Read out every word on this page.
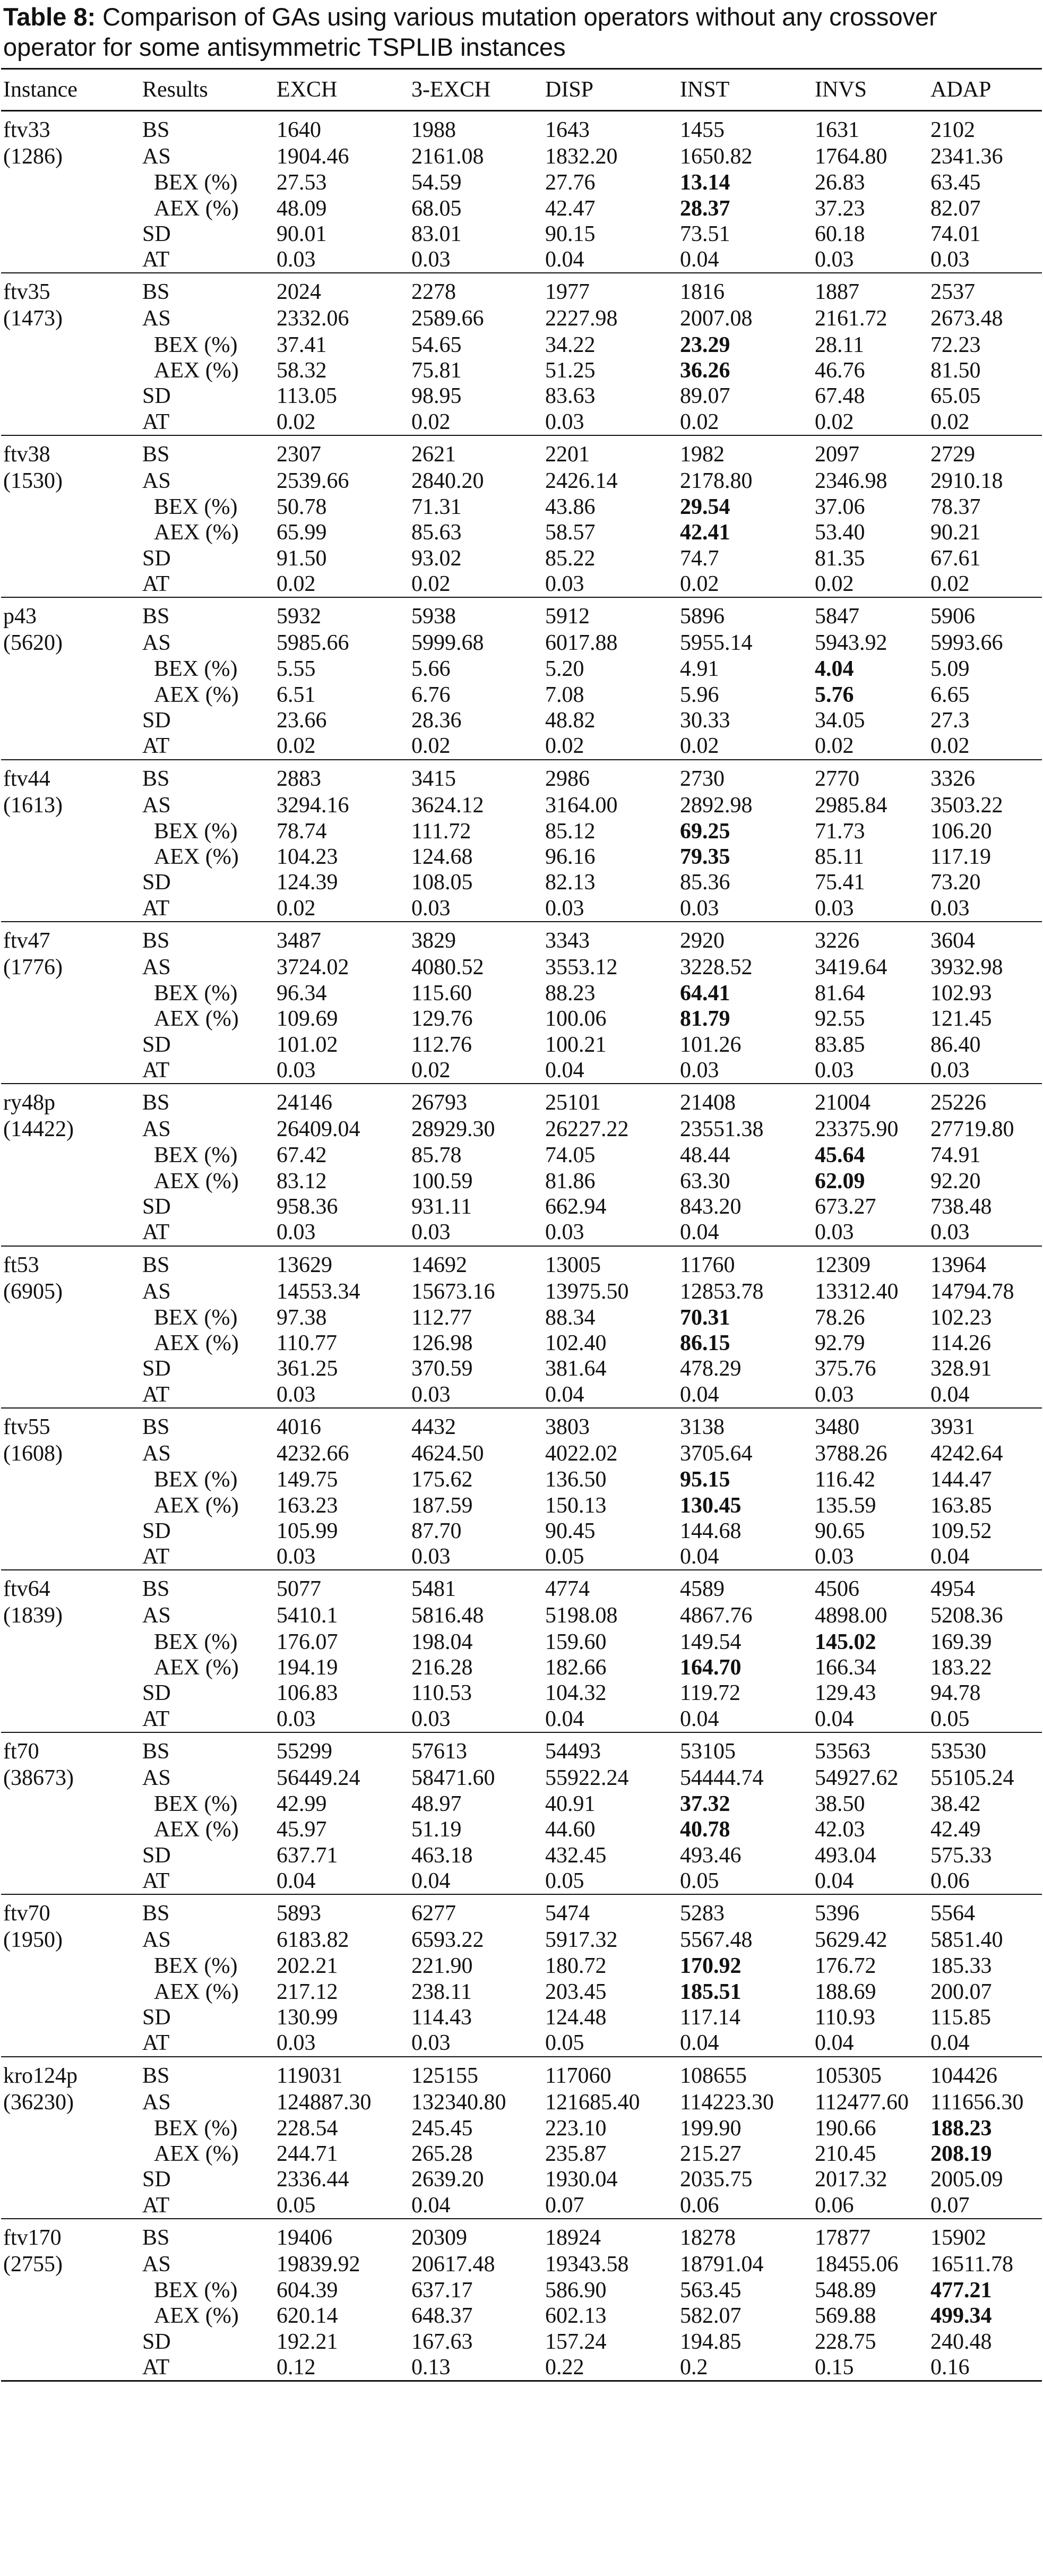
Table 8: Comparison of GAs using various mutation operators without any crossover operator for some antisymmetric TSPLIB instances
Instance	Results	EXCH	3-EXCH	DISP	INST	INVS	ADAP

ftv33
(1286)	BS	1640	1988	1643	1455	1631	2102
	AS	1904.46	2161.08	1832.20	1650.82	1764.80	2341.36
	BEX (%)	27.53	54.59	27.76	13.14	26.83	63.45
	AEX (%)	48.09	68.05	42.47	28.37	37.23	82.07
	SD	90.01	83.01	90.15	73.51	60.18	74.01
	AT	0.03	0.03	0.04	0.04	0.03	0.03

ftv35
(1473)	BS	2024	2278	1977	1816	1887	2537
	AS	2332.06	2589.66	2227.98	2007.08	2161.72	2673.48
	BEX (%)	37.41	54.65	34.22	23.29	28.11	72.23
	AEX (%)	58.32	75.81	51.25	36.26	46.76	81.50
	SD	113.05	98.95	83.63	89.07	67.48	65.05
	AT	0.02	0.02	0.03	0.02	0.02	0.02

ftv38
(1530)	BS	2307	2621	2201	1982	2097	2729
	AS	2539.66	2840.20	2426.14	2178.80	2346.98	2910.18
	BEX (%)	50.78	71.31	43.86	29.54	37.06	78.37
	AEX (%)	65.99	85.63	58.57	42.41	53.40	90.21
	SD	91.50	93.02	85.22	74.7	81.35	67.61
	AT	0.02	0.02	0.03	0.02	0.02	0.02

p43
(5620)	BS	5932	5938	5912	5896	5847	5906
	AS	5985.66	5999.68	6017.88	5955.14	5943.92	5993.66
	BEX (%)	5.55	5.66	5.20	4.91	4.04	5.09
	AEX (%)	6.51	6.76	7.08	5.96	5.76	6.65
	SD	23.66	28.36	48.82	30.33	34.05	27.3
	AT	0.02	0.02	0.02	0.02	0.02	0.02

ftv44
(1613)	BS	2883	3415	2986	2730	2770	3326
	AS	3294.16	3624.12	3164.00	2892.98	2985.84	3503.22
	BEX (%)	78.74	111.72	85.12	69.25	71.73	106.20
	AEX (%)	104.23	124.68	96.16	79.35	85.11	117.19
	SD	124.39	108.05	82.13	85.36	75.41	73.20
	AT	0.02	0.03	0.03	0.03	0.03	0.03

ftv47
(1776)	BS	3487	3829	3343	2920	3226	3604
	AS	3724.02	4080.52	3553.12	3228.52	3419.64	3932.98
	BEX (%)	96.34	115.60	88.23	64.41	81.64	102.93
	AEX (%)	109.69	129.76	100.06	81.79	92.55	121.45
	SD	101.02	112.76	100.21	101.26	83.85	86.40
	AT	0.03	0.02	0.04	0.03	0.03	0.03

ry48p
(14422)	BS	24146	26793	25101	21408	21004	25226
	AS	26409.04	28929.30	26227.22	23551.38	23375.90	27719.80
	BEX (%)	67.42	85.78	74.05	48.44	45.64	74.91
	AEX (%)	83.12	100.59	81.86	63.30	62.09	92.20
	SD	958.36	931.11	662.94	843.20	673.27	738.48
	AT	0.03	0.03	0.03	0.04	0.03	0.03

ft53
(6905)	BS	13629	14692	13005	11760	12309	13964
	AS	14553.34	15673.16	13975.50	12853.78	13312.40	14794.78
	BEX (%)	97.38	112.77	88.34	70.31	78.26	102.23
	AEX (%)	110.77	126.98	102.40	86.15	92.79	114.26
	SD	361.25	370.59	381.64	478.29	375.76	328.91
	AT	0.03	0.03	0.04	0.04	0.03	0.04

ftv55
(1608)	BS	4016	4432	3803	3138	3480	3931
	AS	4232.66	4624.50	4022.02	3705.64	3788.26	4242.64
	BEX (%)	149.75	175.62	136.50	95.15	116.42	144.47
	AEX (%)	163.23	187.59	150.13	130.45	135.59	163.85
	SD	105.99	87.70	90.45	144.68	90.65	109.52
	AT	0.03	0.03	0.05	0.04	0.03	0.04

ftv64
(1839)	BS	5077	5481	4774	4589	4506	4954
	AS	5410.1	5816.48	5198.08	4867.76	4898.00	5208.36
	BEX (%)	176.07	198.04	159.60	149.54	145.02	169.39
	AEX (%)	194.19	216.28	182.66	164.70	166.34	183.22
	SD	106.83	110.53	104.32	119.72	129.43	94.78
	AT	0.03	0.03	0.04	0.04	0.04	0.05

ft70
(38673)	BS	55299	57613	54493	53105	53563	53530
	AS	56449.24	58471.60	55922.24	54444.74	54927.62	55105.24
	BEX (%)	42.99	48.97	40.91	37.32	38.50	38.42
	AEX (%)	45.97	51.19	44.60	40.78	42.03	42.49
	SD	637.71	463.18	432.45	493.46	493.04	575.33
	AT	0.04	0.04	0.05	0.05	0.04	0.06

ftv70
(1950)	BS	5893	6277	5474	5283	5396	5564
	AS	6183.82	6593.22	5917.32	5567.48	5629.42	5851.40
	BEX (%)	202.21	221.90	180.72	170.92	176.72	185.33
	AEX (%)	217.12	238.11	203.45	185.51	188.69	200.07
	SD	130.99	114.43	124.48	117.14	110.93	115.85
	AT	0.03	0.03	0.05	0.04	0.04	0.04

kro124p
(36230)	BS	119031	125155	117060	108655	105305	104426
	AS	124887.30	132340.80	121685.40	114223.30	112477.60	111656.30
	BEX (%)	228.54	245.45	223.10	199.90	190.66	188.23
	AEX (%)	244.71	265.28	235.87	215.27	210.45	208.19
	SD	2336.44	2639.20	1930.04	2035.75	2017.32	2005.09
	AT	0.05	0.04	0.07	0.06	0.06	0.07

ftv170
(2755)	BS	19406	20309	18924	18278	17877	15902
	AS	19839.92	20617.48	19343.58	18791.04	18455.06	16511.78
	BEX (%)	604.39	637.17	586.90	563.45	548.89	477.21
	AEX (%)	620.14	648.37	602.13	582.07	569.88	499.34
	SD	192.21	167.63	157.24	194.85	228.75	240.48
	AT	0.12	0.13	0.22	0.2	0.15	0.16
